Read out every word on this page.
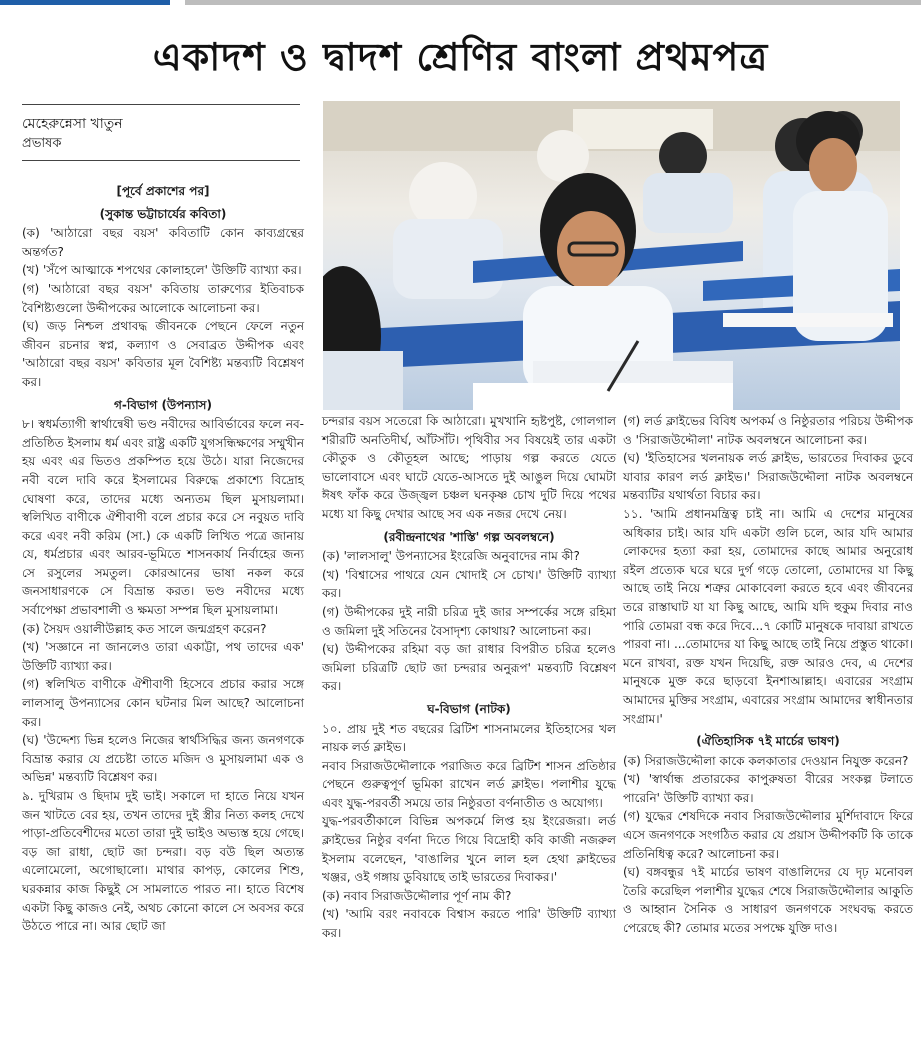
একাদশ ও দ্বাদশ শ্রেণির বাংলা প্রথমপত্র
মেহেরুন্নেসা খাতুন
প্রভাষক

[পূর্বে প্রকাশের পর]

(সুকান্ত ভট্টাচার্যের কবিতা)

(ক) 'আঠারো বছর বয়স' কবিতাটি কোন কাব্যগ্রন্থের অন্তর্গত?

(খ) 'সঁপে আত্মাকে শপথের কোলাহলে' উক্তিটি ব্যাখ্যা কর।

(গ) 'আঠারো বছর বয়স' কবিতায় তারুণ্যের ইতিবাচক বৈশিষ্ট্যগুলো উদ্দীপকের আলোকে আলোচনা কর।

(ঘ) জড় নিশ্চল প্রথাবদ্ধ জীবনকে পেছনে ফেলে নতুন জীবন রচনার স্বপ্ন, কল্যাণ ও সেবাব্রত উদ্দীপক এবং 'আঠারো বছর বয়স' কবিতার মূল বৈশিষ্ট্য মন্তব্যটি বিশ্লেষণ কর।

গ-বিভাগ (উপন্যাস)

৮। স্বধর্মত্যাগী স্বার্থান্বেষী ভণ্ড নবীদের আবির্ভাবের ফলে নব-প্রতিষ্ঠিত ইসলাম ধর্ম এবং রাষ্ট্র একটি যুগসন্ধিক্ষণের সম্মুখীন হয় এবং এর ভিতও প্রকম্পিত হয়ে উঠে। যারা নিজেদের নবী বলে দাবি করে ইসলামের বিরুদ্ধে প্রকাশ্যে বিদ্রোহ ঘোষণা করে, তাদের মধ্যে অন্যতম ছিল মুসায়লামা। স্বলিখিত বাণীকে ঐশীবাণী বলে প্রচার করে সে নবুয়ত দাবি করে এবং নবী করিম (সা.) কে একটি লিখিত পত্রে জানায় যে, ধর্মপ্রচার এবং আরব-ভূমিতে শাসনকার্য নির্বাহের জন্য সে রসুলের সমতুল। কোরআনের ভাষা নকল করে জনসাধারণকে সে বিভ্রান্ত করত। ভণ্ড নবীদের মধ্যে সর্বাপেক্ষা প্রভাবশালী ও ক্ষমতা সম্পন্ন ছিল মুসায়লামা।

(ক) সৈয়দ ওয়ালীউল্লাহ কত সালে জন্মগ্রহণ করেন?

(খ) 'সজ্ঞানে না জানলেও তারা একাট্টা, পথ তাদের এক' উক্তিটি ব্যাখ্যা কর।

(গ) স্বলিখিত বাণীকে ঐশীবাণী হিসেবে প্রচার করার সঙ্গে লালসালু উপন্যাসের কোন ঘটনার মিল আছে? আলোচনা কর।

(ঘ) 'উদ্দেশ্য ভিন্ন হলেও নিজের স্বার্থসিদ্ধির জন্য জনগণকে বিভ্রান্ত করার যে প্রচেষ্টা তাতে মজিদ ও মুসায়লামা এক ও অভিন্ন' মন্তব্যটি বিশ্লেষণ কর।

৯. দুখিরাম ও ছিদাম দুই ভাই। সকালে দা হাতে নিয়ে যখন জন খাটতে বের হয়, তখন তাদের দুই স্ত্রীর নিত্য কলহ দেখে পাড়া-প্রতিবেশীদের মতো তারা দুই ভাইও অভ্যস্ত হয়ে গেছে। বড় জা রাধা, ছোট জা চন্দরা। বড় বউ ছিল অত্যন্ত এলোমেলো, অগোছালো। মাথার কাপড়, কোলের শিশু, ঘরকন্নার কাজ কিছুই সে সামলাতে পারত না। হাতে বিশেষ একটা কিছু কাজও নেই, অথচ কোনো কালে সে অবসর করে উঠতে পারে না। আর ছোট জা

চন্দরার বয়স সতেরো কি আঠারো। মুখখানি হৃষ্টপুষ্ট, গোলগাল শরীরটি অনতিদীর্ঘ, আঁটসাঁট। পৃথিবীর সব বিষয়েই তার একটা কৌতুক ও কৌতূহল আছে; পাড়ায় গল্প করতে যেতে ভালোবাসে এবং ঘাটে যেতে-আসতে দুই আঙুল দিয়ে ঘোমটা ঈষৎ ফাঁক করে উজ্জ্বল চঞ্চল ঘনকৃষ্ণ চোখ দুটি দিয়ে পথের মধ্যে যা কিছু দেখার আছে সব এক নজর দেখে নেয়।

(রবীন্দ্রনাথের 'শাস্তি' গল্প অবলম্বনে)

(ক) 'লালসালু' উপন্যাসের ইংরেজি অনুবাদের নাম কী?

(খ) 'বিশ্বাসের পাথরে যেন খোদাই সে চোখ।' উক্তিটি ব্যাখ্যা কর।

(গ) উদ্দীপকের দুই নারী চরিত্র দুই জার সম্পর্কের সঙ্গে রহিমা ও জমিলা দুই সতিনের বৈসাদৃশ্য কোথায়? আলোচনা কর।

(ঘ) উদ্দীপকের রহিমা বড় জা রাধার বিপরীত চরিত্র হলেও জমিলা চরিত্রটি ছোট জা চন্দরার অনুরূপ' মন্তব্যটি বিশ্লেষণ কর।

ঘ-বিভাগ (নাটক)

১০. প্রায় দুই শত বছরের ব্রিটিশ শাসনামলের ইতিহাসের খল নায়ক লর্ড ক্লাইভ।

নবাব সিরাজউদ্দৌলাকে পরাজিত করে ব্রিটিশ শাসন প্রতিষ্ঠার পেছনে গুরুত্বপূর্ণ ভূমিকা রাখেন লর্ড ক্লাইভ। পলাশীর যুদ্ধে এবং যুদ্ধ-পরবর্তী সময়ে তার নিষ্ঠুরতা বর্ণনাতীত ও অযোগ্য।

যুদ্ধ-পরবর্তীকালে বিভিন্ন অপকর্মে লিপ্ত হয় ইংরেজরা। লর্ড ক্লাইভের নিষ্ঠুর বর্ণনা দিতে গিয়ে বিদ্রোহী কবি কাজী নজরুল ইসলাম বলেছেন, 'বাঙালির খুনে লাল হল হেথা ক্লাইভের খঞ্জর, ওই গঙ্গায় ডুবিয়াছে তাই ভারতের দিবাকর।'

(ক) নবাব সিরাজউদ্দৌলার পূর্ণ নাম কী?

(খ) 'আমি বরং নবাবকে বিশ্বাস করতে পারি' উক্তিটি ব্যাখ্যা কর।

(গ) লর্ড ক্লাইভের বিবিধ অপকর্ম ও নিষ্ঠুরতার পরিচয় উদ্দীপক ও 'সিরাজউদ্দৌলা' নাটক অবলম্বনে আলোচনা কর।

(ঘ) 'ইতিহাসের খলনায়ক লর্ড ক্লাইভ, ভারতের দিবাকর ডুবে যাবার কারণ লর্ড ক্লাইভ।' সিরাজউদ্দৌলা নাটক অবলম্বনে মন্তব্যটির যথার্থতা বিচার কর।

১১. 'আমি প্রধানমন্ত্রিত্ব চাই না। আমি এ দেশের মানুষের অধিকার চাই। আর যদি একটা গুলি চলে, আর যদি আমার লোকদের হত্যা করা হয়, তোমাদের কাছে আমার অনুরোধ রইল প্রত্যেক ঘরে ঘরে দুর্গ গড়ে তোলো, তোমাদের যা কিছু আছে তাই নিয়ে শত্রুর মোকাবেলা করতে হবে এবং জীবনের তরে রাস্তাঘাট যা যা কিছু আছে, আমি যদি হুকুম দিবার নাও পারি তোমরা বন্ধ করে দিবে...৭ কোটি মানুষকে দাবায়া রাখতে পারবা না। ...তোমাদের যা কিছু আছে তাই নিয়ে প্রস্তুত থাকো। মনে রাখবা, রক্ত যখন দিয়েছি, রক্ত আরও দেব, এ দেশের মানুষকে মুক্ত করে ছাড়বো ইনশাআল্লাহ। এবারের সংগ্রাম আমাদের মুক্তির সংগ্রাম, এবারের সংগ্রাম আমাদের স্বাধীনতার সংগ্রাম।'

(ঐতিহাসিক ৭ই মার্চের ভাষণ)

(ক) সিরাজউদ্দৌলা কাকে কলকাতার দেওয়ান নিযুক্ত করেন?

(খ) 'স্বার্থান্ধ প্রতারকের কাপুরুষতা বীরের সংকল্প টলাতে পারেনি' উক্তিটি ব্যাখ্যা কর।

(গ) যুদ্ধের শেষদিকে নবাব সিরাজউদ্দৌলার মুর্শিদাবাদে ফিরে এসে জনগণকে সংগঠিত করার যে প্রয়াস উদ্দীপকটি কি তাকে প্রতিনিধিত্ব করে? আলোচনা কর।

(ঘ) বঙ্গবন্ধুর ৭ই মার্চের ভাষণ বাঙালিদের যে দৃঢ় মনোবল তৈরি করেছিল পলাশীর যুদ্ধের শেষে সিরাজউদ্দৌলার আকুতি ও আহ্বান সৈনিক ও সাধারণ জনগণকে সংঘবদ্ধ করতে পেরেছে কী? তোমার মতের সপক্ষে যুক্তি দাও।
